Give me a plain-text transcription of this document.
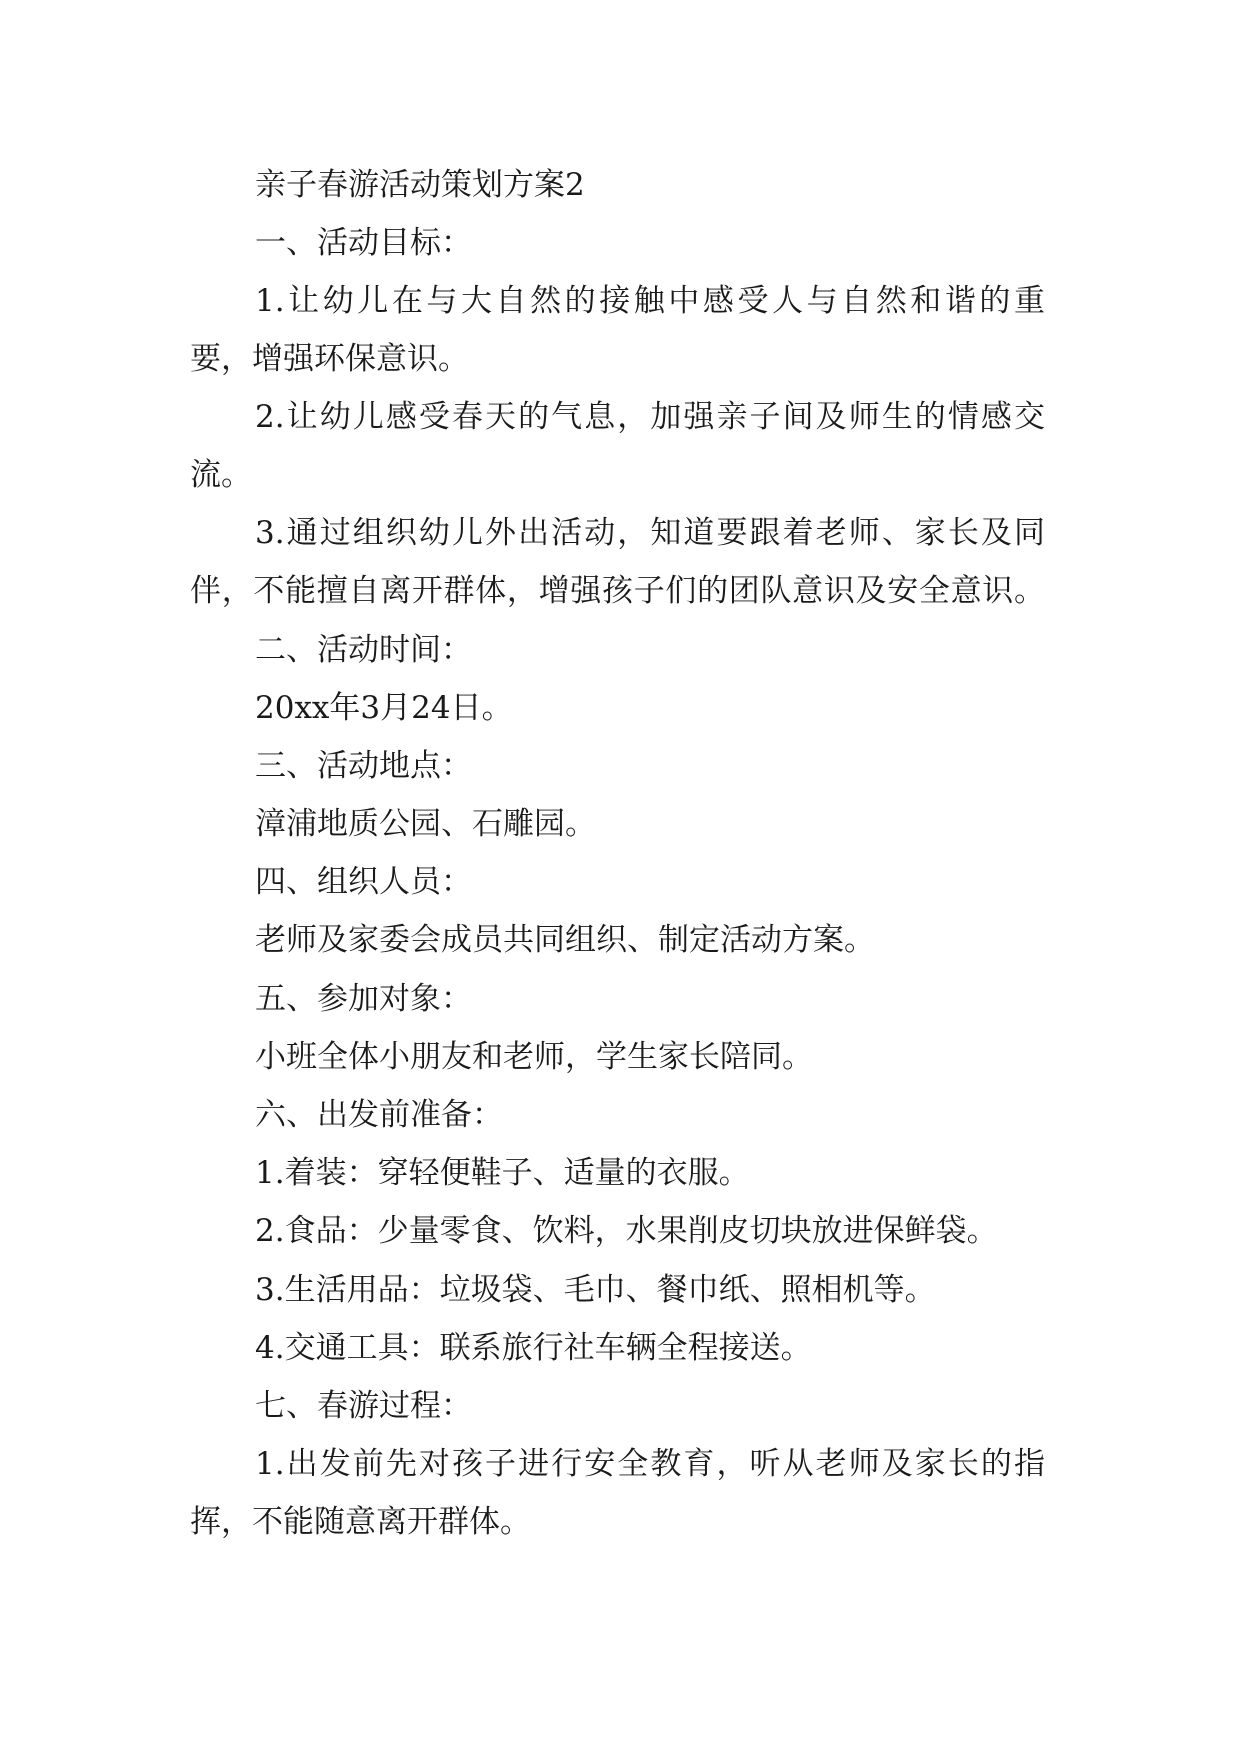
亲子春游活动策划方案2

一、活动目标：

1.让幼儿在与大自然的接触中感受人与自然和谐的重

要，增强环保意识。

2.让幼儿感受春天的气息，加强亲子间及师生的情感交

流。

3.通过组织幼儿外出活动，知道要跟着老师、家长及同

伴，不能擅自离开群体，增强孩子们的团队意识及安全意识。

二、活动时间：

20xx年3月24日。

三、活动地点：

漳浦地质公园、石雕园。

四、组织人员：

老师及家委会成员共同组织、制定活动方案。

五、参加对象：

小班全体小朋友和老师，学生家长陪同。

六、出发前准备：

1.着装：穿轻便鞋子、适量的衣服。

2.食品：少量零食、饮料，水果削皮切块放进保鲜袋。

3.生活用品：垃圾袋、毛巾、餐巾纸、照相机等。

4.交通工具：联系旅行社车辆全程接送。

七、春游过程：

1.出发前先对孩子进行安全教育，听从老师及家长的指

挥，不能随意离开群体。
